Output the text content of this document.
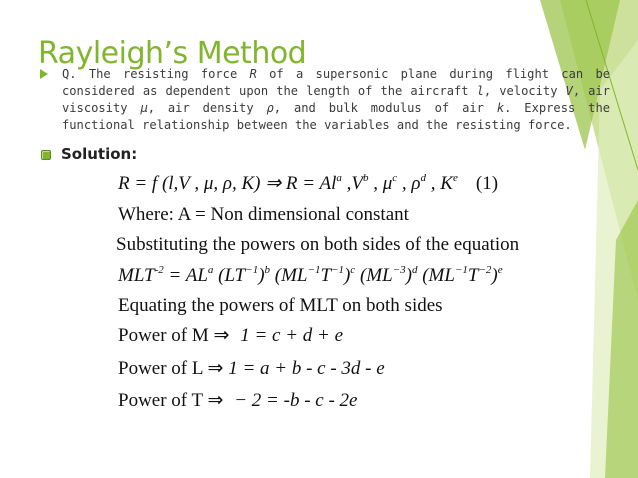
Rayleigh’s Method

Q. The resisting force R of a supersonic plane during flight can be considered as dependent upon the length of the aircraft l, velocity V, air viscosity μ, air density ρ, and bulk modulus of air k. Express the functional relationship between the variables and the resisting force.

Solution:
R = f (l,V , μ, ρ, K) ⇒ $R = Al^a$ $,V^b$ , $\mu^c$ , $\rho^d$ , $K^e$ (1)
Where: A = Non dimensional constant
Substituting the powers on both sides of the equation
$MLT^{-2} = AL^a$ $(LT^{-1})^b$ $(ML^{-1}T^{-1})^c$ $(ML^{-3})^d$ $(ML^{-1}T^{-2})^e$
Equating the powers of MLT on both sides
Power of M ⇒ 1 = c + d + e
Power of L ⇒ 1 = a + b - c - 3d - e
Power of T ⇒ − 2 = -b - c - 2e
